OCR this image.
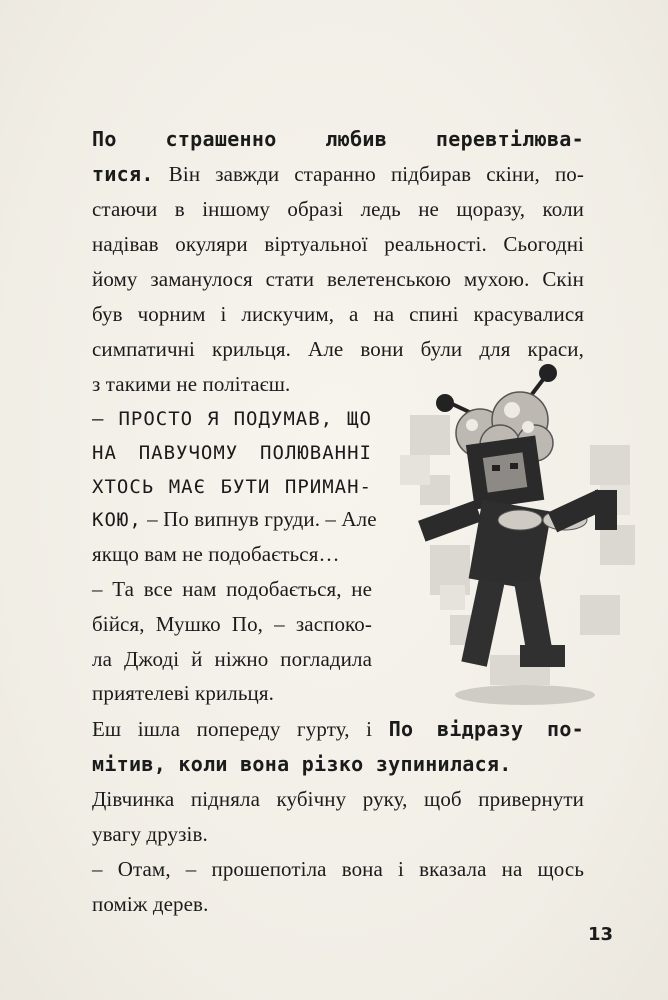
По страшенно любив перевтілюва-
тися. Він завжди старанно підбирав скіни, по-
стаючи в іншому образі ледь не щоразу, коли
надівав окуляри віртуальної реальності. Сьогодні
йому заманулося стати велетенською мухою. Скін
був чорним і лискучим, а на спині красувалися
симпатичні крильця. Але вони були для краси,
з такими не політаєш.
– ПРОСТО Я ПОДУМАВ, ЩО
НА ПАВУЧОМУ ПОЛЮВАННІ
ХТОСЬ МАЄ БУТИ ПРИМАН-
КОЮ, – По випнув груди. – Але
якщо вам не подобається…
– Та все нам подобається, не
бійся, Мушко По, – заспоко-
ла Джоді й ніжно погладила
приятелеві крильця.
Еш ішла попереду гурту, і По відразу по-
мітив, коли вона різко зупинилася.
Дівчинка підняла кубічну руку, щоб привернути
увагу друзів.
– Отам, – прошепотіла вона і вказала на щось
поміж дерев.
13
